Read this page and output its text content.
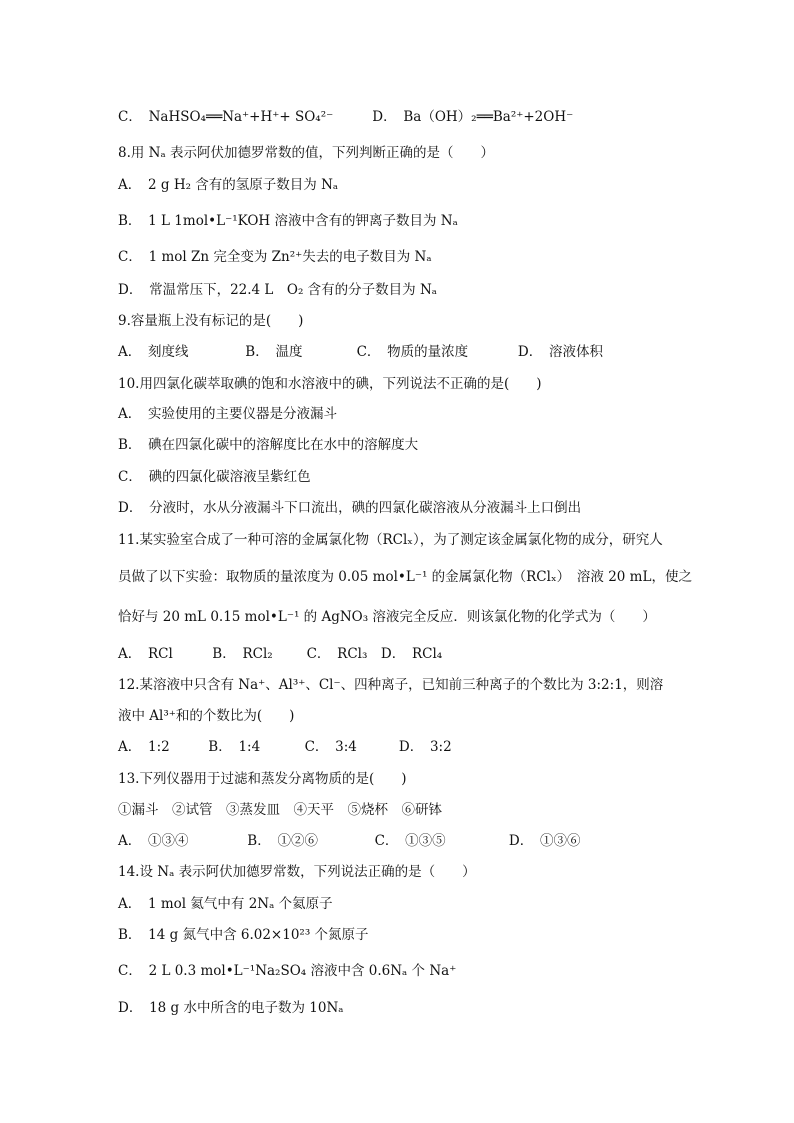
C．　NaHSO₄══Na⁺+H⁺+ SO₄²⁻	D．　Ba（OH）₂══Ba²⁺+2OH⁻
8.用 Nₐ 表示阿伏加德罗常数的值，下列判断正确的是（　　）
A．　2 g H₂ 含有的氢原子数目为 Nₐ
B．　1 L 1mol•L⁻¹KOH 溶液中含有的钾离子数目为 Nₐ
C．　1 mol Zn 完全变为 Zn²⁺失去的电子数目为 Nₐ
D．　常温常压下，22.4 L　O₂ 含有的分子数目为 Nₐ
9.容量瓶上没有标记的是(　　)
A．　刻度线	B．　温度	C．　物质的量浓度	D．　溶液体积
10.用四氯化碳萃取碘的饱和水溶液中的碘，下列说法不正确的是(　　)
A．　实验使用的主要仪器是分液漏斗
B．　碘在四氯化碳中的溶解度比在水中的溶解度大
C．　碘的四氯化碳溶液呈紫红色
D．　分液时，水从分液漏斗下口流出，碘的四氯化碳溶液从分液漏斗上口倒出
11.某实验室合成了一种可溶的金属氯化物（RClₓ），为了测定该金属氯化物的成分，研究人
员做了以下实验：取物质的量浓度为 0.05 mol•L⁻¹ 的金属氯化物（RClₓ）　溶液 20 mL，使之
恰好与 20 mL 0.15 mol•L⁻¹ 的 AgNO₃ 溶液完全反应．则该氯化物的化学式为（　　）
A．　RCl	B．　RCl₂	C．　RCl₃ D．　RCl₄
12.某溶液中只含有 Na⁺、Al³⁺、Cl⁻、四种离子，已知前三种离子的个数比为 3:2:1，则溶
液中 Al³⁺和的个数比为(　　)
A．　1:2	B．　1:4	C．　3:4	D．　3:2
13.下列仪器用于过滤和蒸发分离物质的是(　　)
①漏斗　②试管　③蒸发皿　④天平　⑤烧杯　⑥研钵
A．　①③④	B．　①②⑥	C．　①③⑤	D．　①③⑥
14.设 Nₐ 表示阿伏加德罗常数，下列说法正确的是（　　）
A．　1 mol 氦气中有 2Nₐ 个氦原子
B．　14 g 氮气中含 6.02×10²³ 个氮原子
C．　2 L 0.3 mol•L⁻¹Na₂SO₄ 溶液中含 0.6Nₐ 个 Na⁺
D．　18 g 水中所含的电子数为 10Nₐ
